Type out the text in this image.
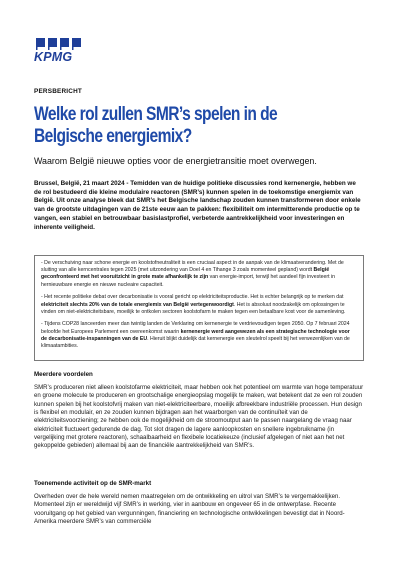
KPMG
PERSBERICHT
Welke rol zullen SMR’s spelen in de
Belgische energiemix?

Waarom België nieuwe opties voor de energietransitie moet overwegen.

Brussel, België, 21 maart 2024 - Temidden van de huidige politieke discussies rond kernenergie, hebben we de rol bestudeerd die kleine modulaire reactoren (SMR’s) kunnen spelen in de toekomstige energiemix van België. Uit onze analyse bleek dat SMR’s het Belgische landschap zouden kunnen transformeren door enkele van de grootste uitdagingen van de 21ste eeuw aan te pakken: flexibiliteit om intermitterende productie op te vangen, een stabiel en betrouwbaar basislastprofiel, verbeterde aantrekkelijkheid voor investeringen en inherente veiligheid.

- De verschuiving naar schone energie en koolstofneutraliteit is een cruciaal aspect in de aanpak van de klimaatverandering. Met de sluiting van alle kerncentrales tegen 2025 (met uitzondering van Doel 4 en Tihange 3 zoals momenteel gepland) wordt België geconfronteerd met het vooruitzicht in grote mate afhankelijk te zijn van energie-import, terwijl het aandeel fijn investeert in hernieuwbare energie en nieuwe nucleaire capaciteit.

- Het recente politieke debat over decarbonisatie is vooral gericht op elektriciteitsproductie. Het is echter belangrijk op te merken dat elektriciteit slechts 20% van de totale energiemix van België vertegenwoordigt. Het is absoluut noodzakelijk om oplossingen te vinden om niet-elektriciteitsbare, moeilijk te ontkolen sectoren koolstofarm te maken tegen een betaalbare kost voor de samenleving.

- Tijdens COP28 lanceerden meer dan twintig landen de Verklaring om kernenergie te verdrievoudigen tegen 2050. Op 7 februari 2024 beloofde het Europees Parlement een overeenkomst waarin kernenergie werd aangewezen als een strategische technologie voor de decarbonisatie-inspanningen van de EU. Hieruit blijkt duidelijk dat kernenergie een sleutelrol speelt bij het verwezenlijken van de klimaatambities.

Meerdere voordelen

SMR’s produceren niet alleen koolstofarme elektriciteit, maar hebben ook het potentieel om warmte van hoge temperatuur en groene molecule te produceren en grootschalige energieopslag mogelijk te maken, wat betekent dat ze een rol zouden kunnen spelen bij het koolstofvrij maken van niet-elektriciteerbare, moeilijk afbreekbare industriële processen. Hun design is flexibel en modulair, en ze zouden kunnen bijdragen aan het waarborgen van de continuïteit van de elektriciteitsvoorziening; ze hebben ook de mogelijkheid om de stroomoutput aan te passen naargelang de vraag naar elektriciteit fluctueert gedurende de dag. Tot slot dragen de lagere aanloopkosten en snellere ingebruikname (in vergelijking met grotere reactoren), schaalbaarheid en flexibele locatiekeuze (inclusief afgelegen of niet aan het net gekoppelde gebieden) allemaal bij aan de financiële aantrekkelijkheid van SMR’s.

Toenemende activiteit op de SMR-markt

Overheden over de hele wereld nemen maatregelen om de ontwikkeling en uitrol van SMR’s te vergemakkelijken. Momenteel zijn er wereldwijd vijf SMR’s in werking, vier in aanbouw en ongeveer 65 in de ontwerpfase. Recente vooruitgang op het gebied van vergunningen, financiering en technologische ontwikkelingen bevestigt dat in Noord-Amerika meerdere SMR’s van commerciële
